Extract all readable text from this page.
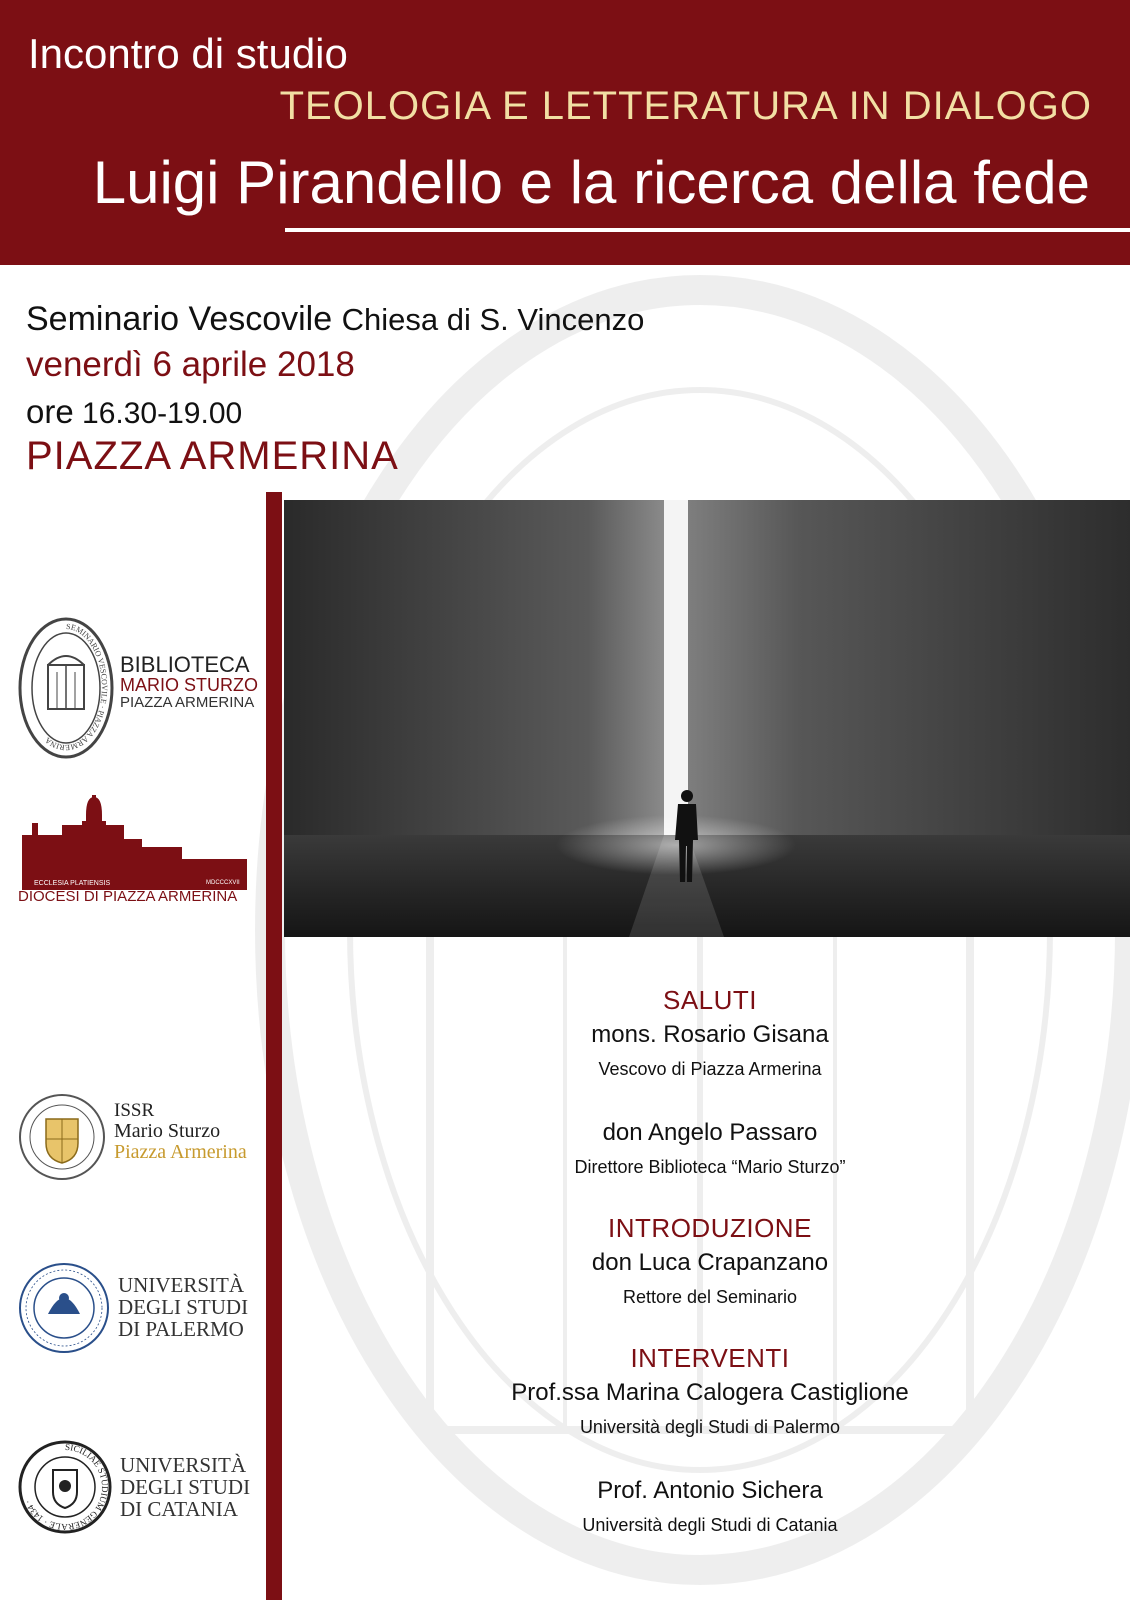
Incontro di studio
TEOLOGIA E LETTERATURA IN DIALOGO
Luigi Pirandello e la ricerca della fede
Seminario Vescovile Chiesa di S. Vincenzo
venerdì 6 aprile 2018
ore 16.30-19.00
PIAZZA ARMERINA
SEMINARIO VESCOVILE · PIAZZA ARMERINA
BIBLIOTECA
MARIO STURZO
PIAZZA ARMERINA
ECCLESIA PLATIENSIS	MDCCCXVII
DIOCESI DI PIAZZA ARMERINA
ISSR
Mario Sturzo
Piazza Armerina
UNIVERSITÀ
DEGLI STUDI
DI PALERMO
SICILIAE STUDIUM GENERALE · 1434 ·
UNIVERSITÀ
DEGLI STUDI
DI CATANIA
SALUTI
mons. Rosario Gisana
Vescovo di Piazza Armerina
don Angelo Passaro
Direttore Biblioteca “Mario Sturzo”
INTRODUZIONE
don Luca Crapanzano
Rettore del Seminario
INTERVENTI
Prof.ssa Marina Calogera Castiglione
Università degli Studi di Palermo
Prof. Antonio Sichera
Università degli Studi di Catania
